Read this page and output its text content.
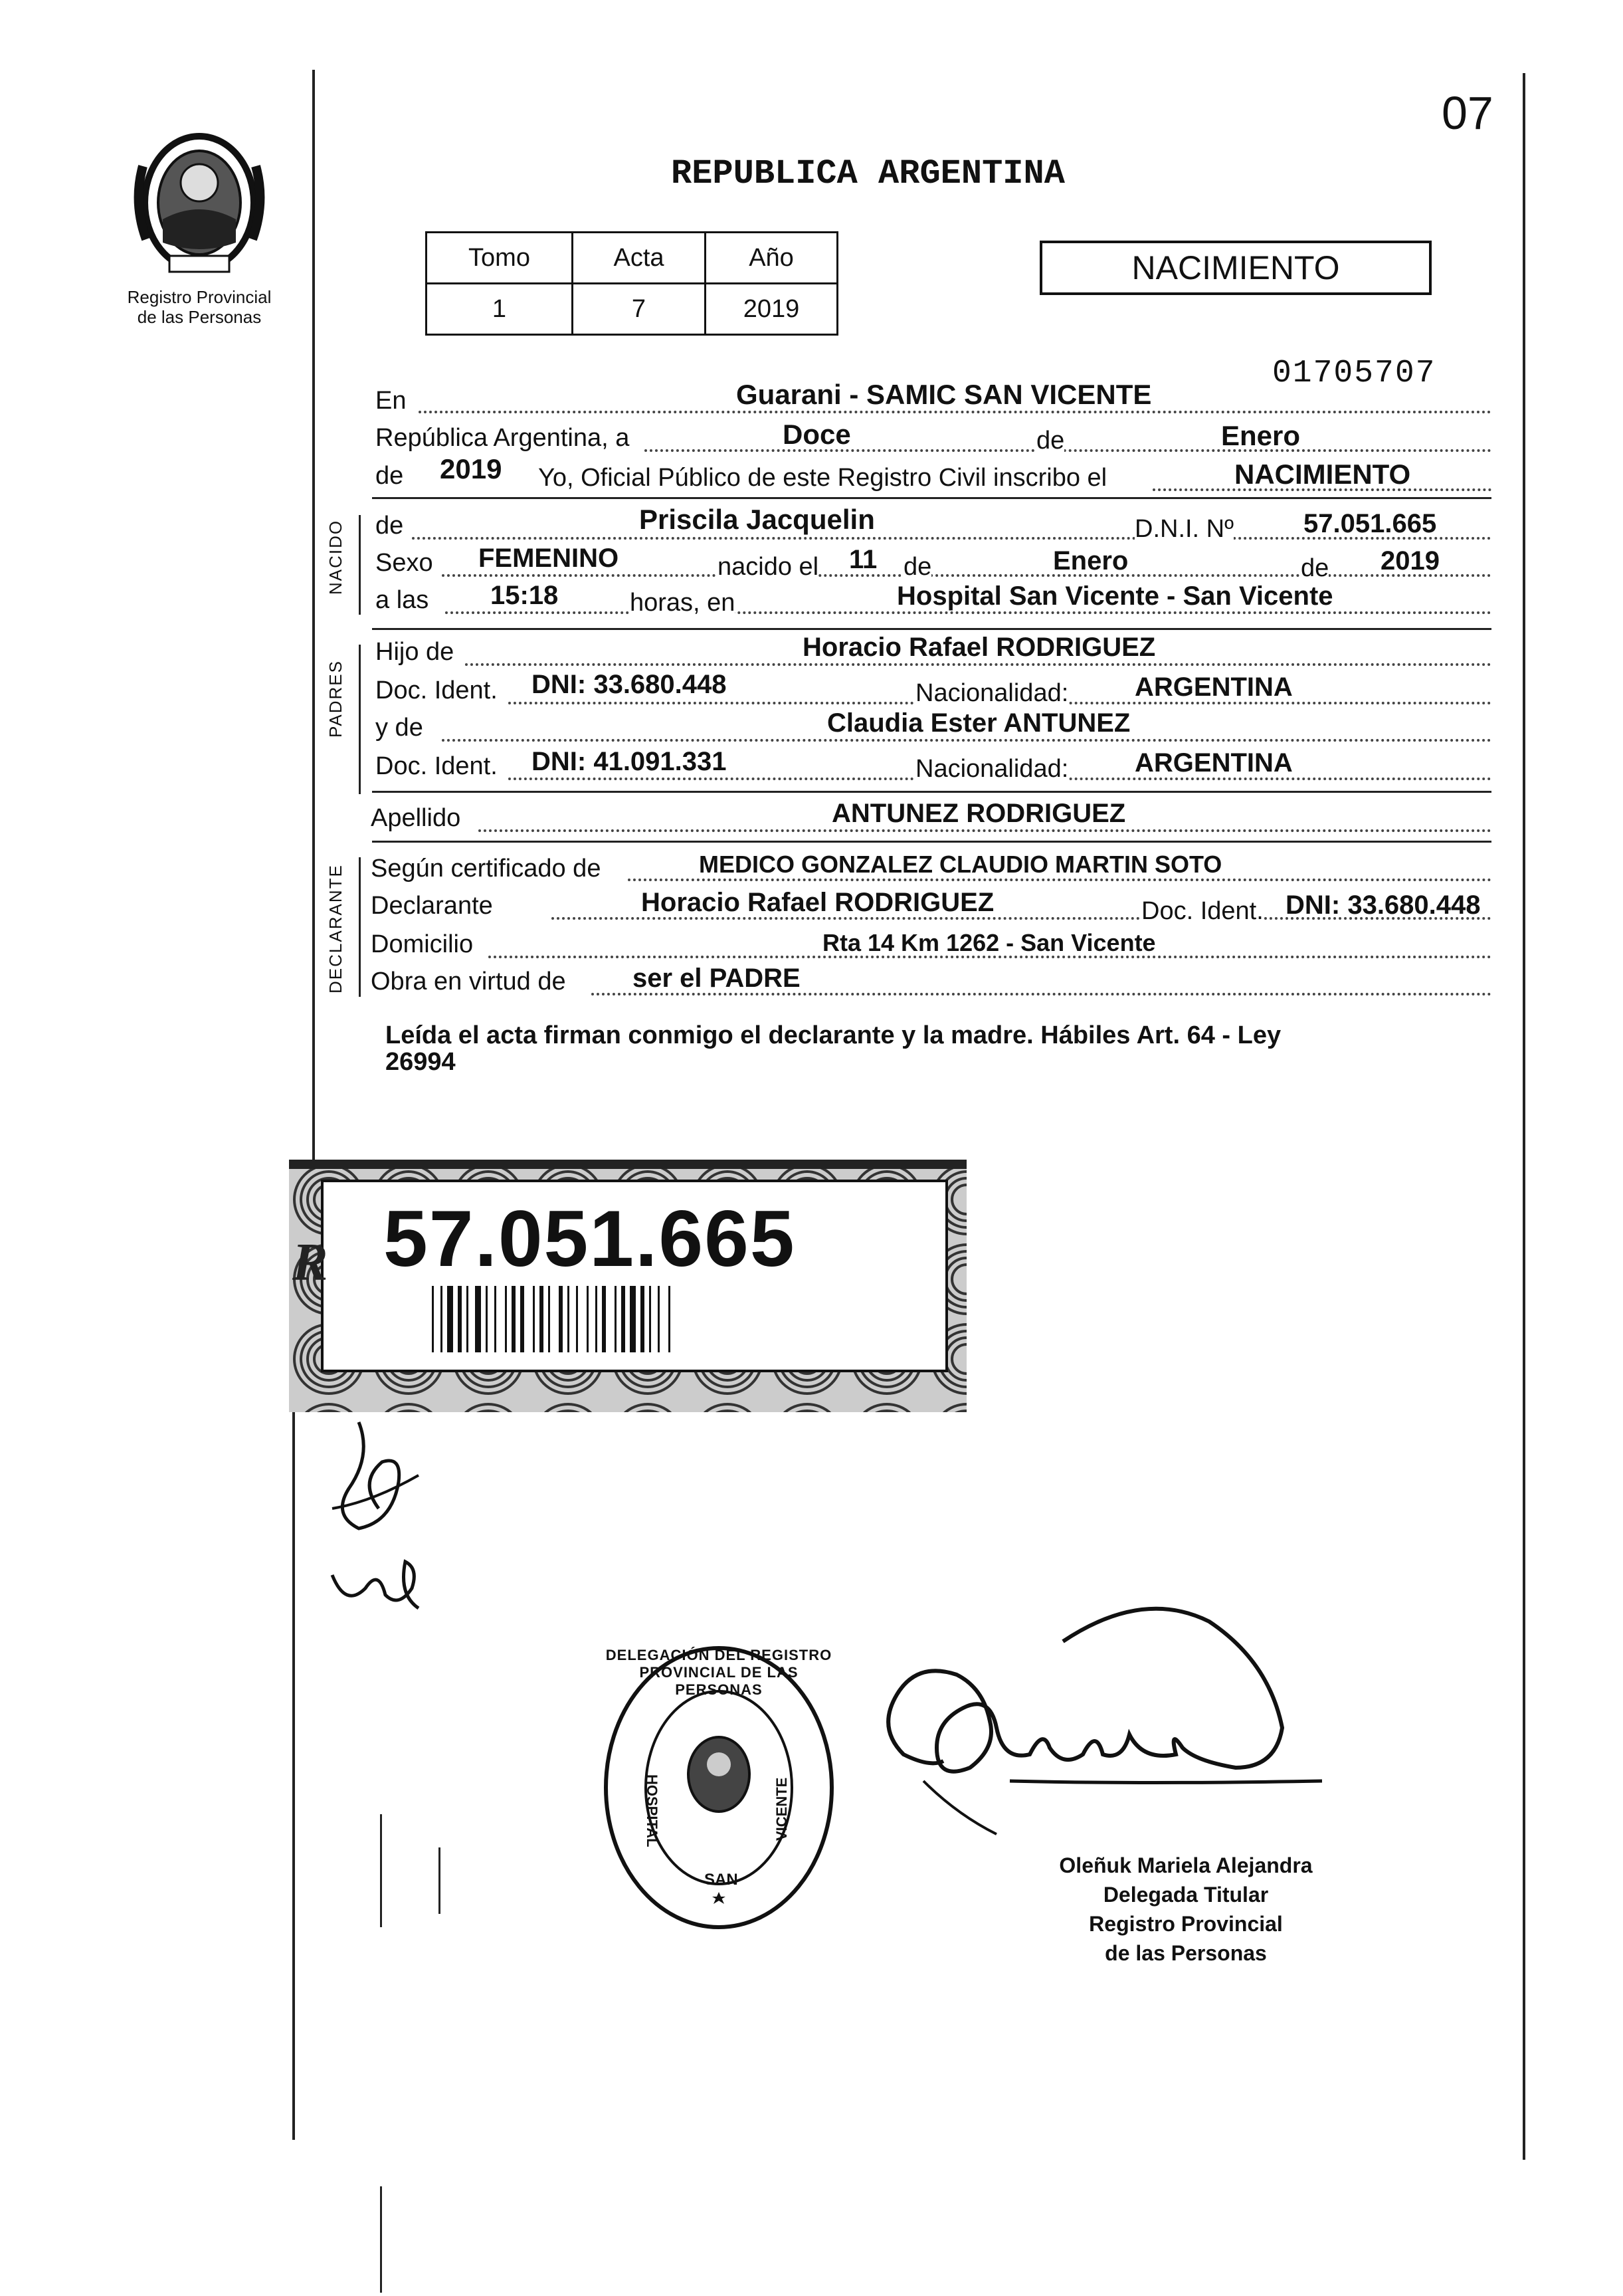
07
Registro Provincial
de las Personas
REPUBLICA ARGENTINA
Tomo	Acta	Año
1	7	2019
NACIMIENTO
01705707
En	Guarani - SAMIC SAN VICENTE
República Argentina, a	Doce	de	Enero
de 2019 Yo, Oficial Público de este Registro Civil inscribo el	NACIMIENTO
NACIDO de	Priscila Jacquelin	D.N.I. Nº	57.051.665
Sexo FEMENINO	nacido el 11 de	Enero	de 2019
a las 15:18	horas, en	Hospital San Vicente - San Vicente
PADRES
Hijo de	Horacio Rafael RODRIGUEZ
Doc. Ident. DNI: 33.680.448	Nacionalidad: ARGENTINA
y de	Claudia Ester ANTUNEZ
Doc. Ident. DNI: 41.091.331	Nacionalidad: ARGENTINA
Apellido	ANTUNEZ RODRIGUEZ
DECLARANTE Según certificado de	MEDICO GONZALEZ CLAUDIO MARTIN SOTO
Declarante	Horacio Rafael RODRIGUEZ	Doc. Ident. DNI: 33.680.448
Domicilio	Rta 14 Km 1262 - San Vicente
Obra en virtud de	ser el PADRE
Leída el acta firman conmigo el declarante y la madre. Hábiles Art. 64 - Ley
26994
57.051.665
R
DELEGACIÓN DEL REGISTRO PROVINCIAL DE LAS PERSONAS
HOSPITAL	VICENTE
SAN
Oleñuk Mariela Alejandra
Delegada Titular
Registro Provincial
de las Personas
